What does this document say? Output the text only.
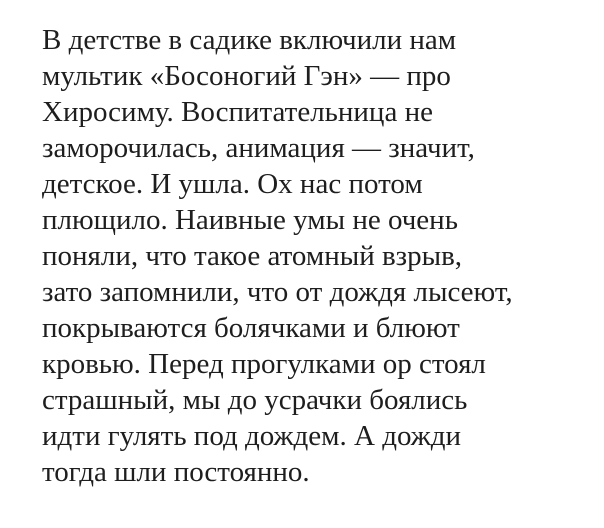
В детстве в садике включили нам
мультик «Босоногий Гэн» — про
Хиросиму. Воспитательница не
заморочилась, анимация — значит,
детское. И ушла. Ох нас потом
плющило. Наивные умы не очень
поняли, что такое атомный взрыв,
зато запомнили, что от дождя лысеют,
покрываются болячками и блюют
кровью. Перед прогулками ор стоял
страшный, мы до усрачки боялись
идти гулять под дождем. А дожди
тогда шли постоянно.
